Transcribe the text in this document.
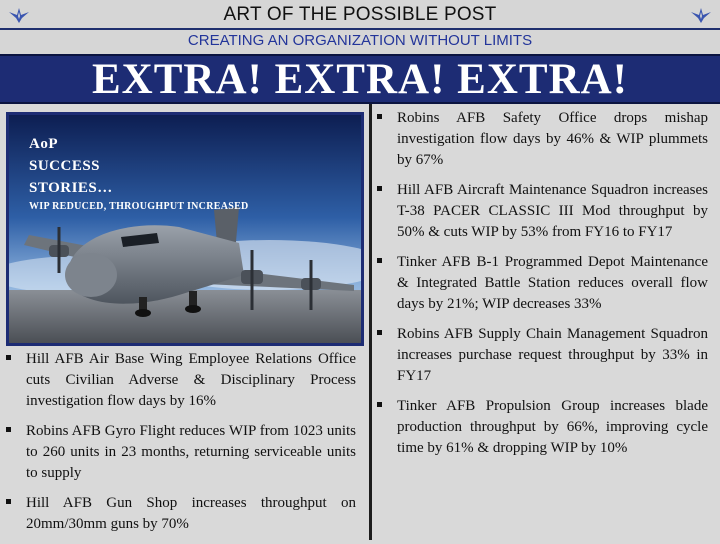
ART OF THE POSSIBLE POST
CREATING AN ORGANIZATION WITHOUT LIMITS
EXTRA! EXTRA! EXTRA!
AoP
SUCCESS
STORIES…
WIP REDUCED, THROUGHPUT INCREASED
Hill AFB Air Base Wing Employee Relations Office cuts Civilian Adverse & Disciplinary Process investigation flow days by 16%
Robins AFB Gyro Flight reduces WIP from 1023 units to 260 units in 23 months, returning serviceable units to supply
Hill AFB Gun Shop increases throughput on 20mm/30mm guns by 70%
Robins AFB Safety Office drops mishap investigation flow days by 46% & WIP plummets by 67%
Hill AFB Aircraft Maintenance Squadron increases T-38 PACER CLASSIC III Mod throughput by 50% & cuts WIP by 53% from FY16 to FY17
Tinker AFB B-1 Programmed Depot Maintenance & Integrated Battle Station reduces overall flow days by 21%; WIP decreases 33%
Robins AFB Supply Chain Management Squadron increases purchase request throughput by 33% in FY17
Tinker AFB Propulsion Group increases blade production throughput by 66%, improving cycle time by 61% & dropping WIP by 10%
